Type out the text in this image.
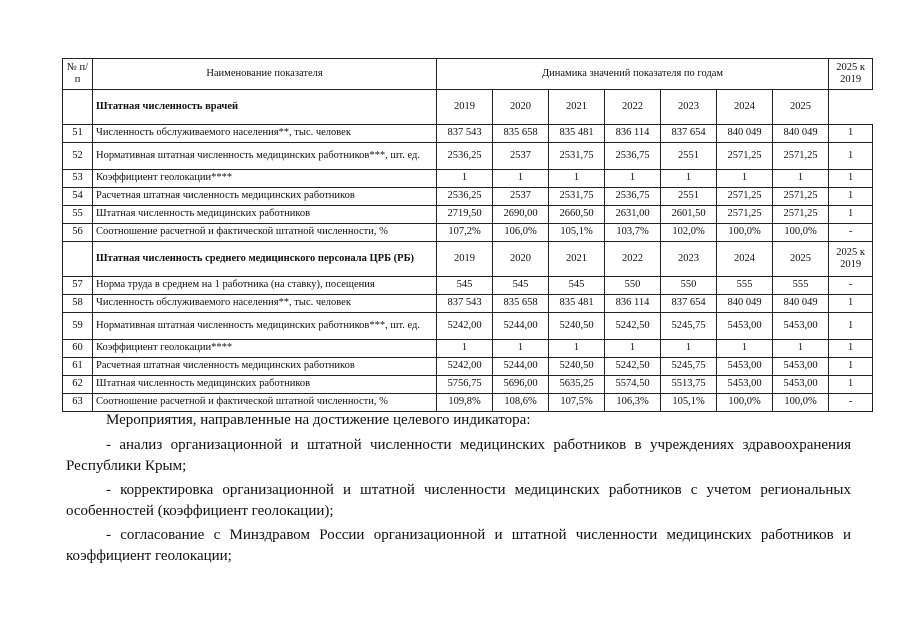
№ п/п	Наименование показателя	Динамика значений показателя по годам							2025 к 2019
	Штатная численность врачей	2019	2020	2021	2022	2023	2024	2025	
51	Численность обслуживаемого населения**, тыс. человек	837 543	835 658	835 481	836 114	837 654	840 049	840 049	1
52	Нормативная штатная численность медицинских работников***, шт. ед.	2536,25	2537	2531,75	2536,75	2551	2571,25	2571,25	1
53	Коэффициент геолокации****	1	1	1	1	1	1	1	1
54	Расчетная штатная численность медицинских работников	2536,25	2537	2531,75	2536,75	2551	2571,25	2571,25	1
55	Штатная численность медицинских работников	2719,50	2690,00	2660,50	2631,00	2601,50	2571,25	2571,25	1
56	Соотношение расчетной и фактической штатной численности, %	107,2%	106,0%	105,1%	103,7%	102,0%	100,0%	100,0%	-
	Штатная численность среднего медицинского персонала ЦРБ (РБ)	2019	2020	2021	2022	2023	2024	2025	2025 к 2019
57	Норма труда в среднем на 1 работника (на ставку), посещения	545	545	545	550	550	555	555	-
58	Численность обслуживаемого населения**, тыс. человек	837 543	835 658	835 481	836 114	837 654	840 049	840 049	1
59	Нормативная штатная численность медицинских работников***, шт. ед.	5242,00	5244,00	5240,50	5242,50	5245,75	5453,00	5453,00	1
60	Коэффициент геолокации****	1	1	1	1	1	1	1	1
61	Расчетная штатная численность медицинских работников	5242,00	5244,00	5240,50	5242,50	5245,75	5453,00	5453,00	1
62	Штатная численность медицинских работников	5756,75	5696,00	5635,25	5574,50	5513,75	5453,00	5453,00	1
63	Соотношение расчетной и фактической штатной численности, %	109,8%	108,6%	107,5%	106,3%	105,1%	100,0%	100,0%	-

Мероприятия, направленные на достижение целевого индикатора:

- анализ организационной и штатной численности медицинских работников в учреждениях здравоохранения Республики Крым;

- корректировка организационной и штатной численности медицинских работников с учетом региональных особенностей (коэффициент геолокации);

- согласование с Минздравом России организационной и штатной численности медицинских работников и коэффициент геолокации;
